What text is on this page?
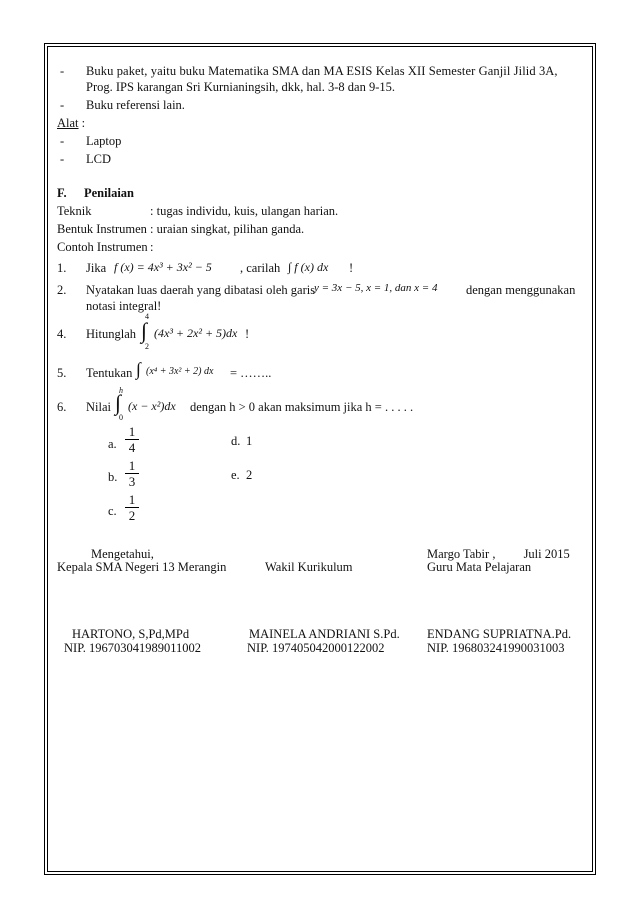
- Buku paket, yaitu buku Matematika SMA dan MA ESIS Kelas XII Semester Ganjil Jilid 3A,
Prog. IPS karangan Sri Kurnianingsih, dkk, hal. 3-8 dan 9-15.
- Buku referensi lain.
Alat :
- Laptop
- LCD
F. Penilaian
Teknik	: tugas individu, kuis, ulangan harian.
Bentuk Instrumen : uraian singkat, pilihan ganda.
Contoh Instrumen :
1. Jika f (x) = 4x³ + 3x² − 5 , carilah ∫ f (x) dx !
2. Nyatakan luas daerah yang dibatasi oleh garis
y = 3x − 5, x = 1, dan x = 4 dengan menggunakan
notasi integral!
4. Hitunglah
4
∫
2
(4x³ + 2x² + 5)dx !
5. Tentukan ∫ (x⁴ + 3x² + 2) dx = ……..
6. Nilai
h
∫
0
(x − x²)dx dengan h > 0 akan maksimum jika h = . . . . .
a. $\frac{1}{4}$	d. 1
b. $\frac{1}{3}$	e. 2
c. $\frac{1}{2}$
Mengetahui,
Kepala SMA Negeri 13 Merangin	Wakil Kurikulum
Margo Tabir ,         Juli 2015
Guru Mata Pelajaran
HARTONO, S,Pd,MPd
NIP. 196703041989011002
MAINELA ANDRIANI S.Pd.
NIP. 197405042000122002
ENDANG SUPRIATNA.Pd.
NIP. 196803241990031003
